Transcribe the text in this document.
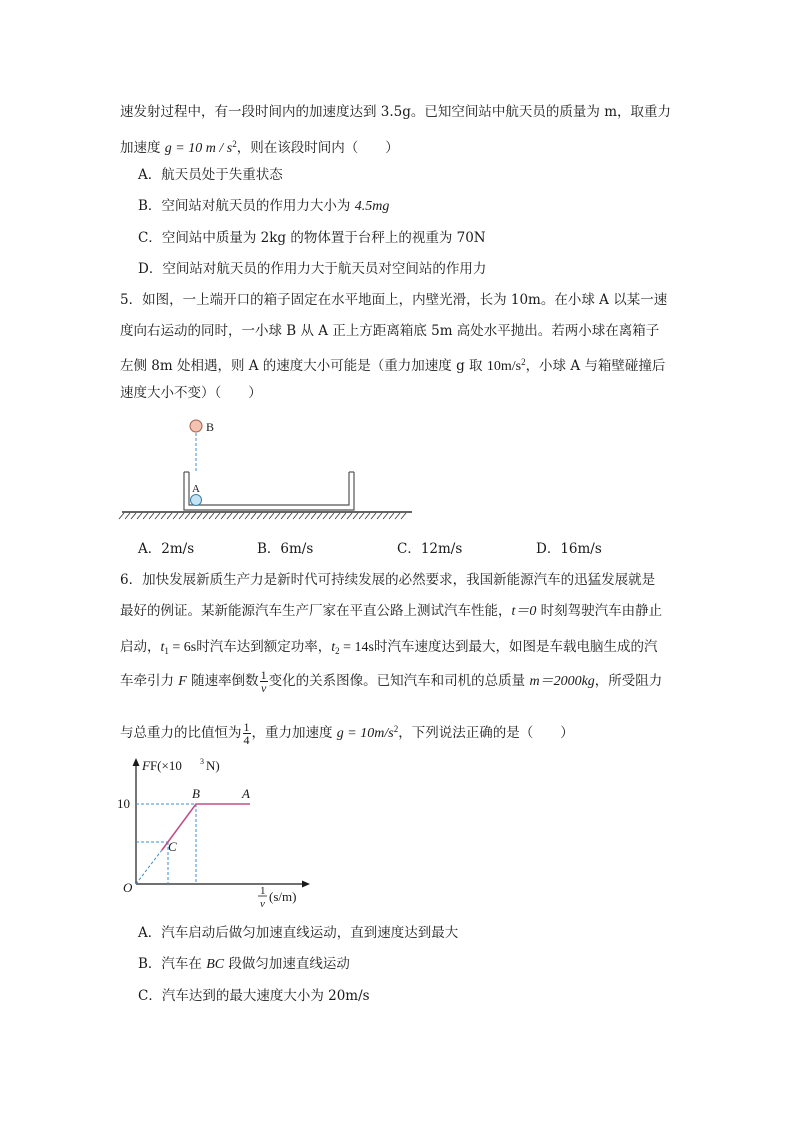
速发射过程中，有一段时间内的加速度达到 3.5g。已知空间站中航天员的质量为 m，取重力
加速度 g = 10 m / $s^2$，则在该段时间内（　　）
A．航天员处于失重状态
B．空间站对航天员的作用力大小为 4.5mg
C．空间站中质量为 2kg 的物体置于台秤上的视重为 70N
D．空间站对航天员的作用力大于航天员对空间站的作用力
5．如图，一上端开口的箱子固定在水平地面上，内壁光滑，长为 10m。在小球 A 以某一速
度向右运动的同时，一小球 B 从 A 正上方距离箱底 5m 高处水平抛出。若两小球在离箱子
左侧 8m 处相遇，则 A 的速度大小可能是（重力加速度 g 取 $10m/s^2$，小球 A 与箱壁碰撞后
速度大小不变）（　　）
B
A
A．2m/s	B．6m/s	C．12m/s	D．16m/s
6．加快发展新质生产力是新时代可持续发展的必然要求，我国新能源汽车的迅猛发展就是
最好的例证。某新能源汽车生产厂家在平直公路上测试汽车性能，t＝0 时刻驾驶汽车由静止
启动，$t_1 = 6s$时汽车达到额定功率，$t_2 = 14s$时汽车速度达到最大，如图是车载电脑生成的汽
车牵引力 F 随速率倒数 $\frac{1}{v}$ 变化的关系图像。已知汽车和司机的总质量 m＝2000kg，所受阻力
与总重力的比值恒为 $\frac{1}{4}$ ，重力加速度 $g = 10m/s^2$，下列说法正确的是（　　）
FF(×10 3 N)
10
B	A
C
O	1
v (s/m)
A．汽车启动后做匀加速直线运动，直到速度达到最大
B．汽车在 BC 段做匀加速直线运动
C．汽车达到的最大速度大小为 20m/s
